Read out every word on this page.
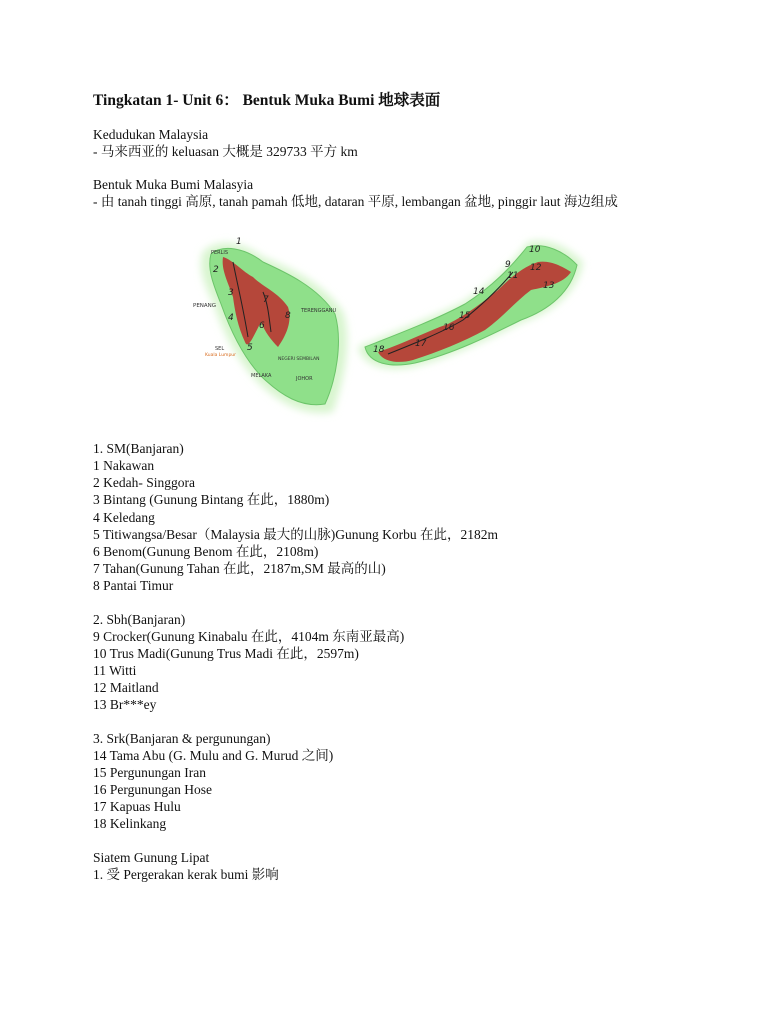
Tingkatan 1- Unit 6： Bentuk Muka Bumi 地球表面

Kedudukan Malaysia

- 马来西亚的 keluasan 大概是 329733 平方 km

Bentuk Muka Bumi Malasyia

- 由 tanah tinggi 高原, tanah pamah 低地, dataran 平原, lembangan 盆地, pinggir laut 海边组成

PERLIS
PENANG
TERENGGANU
SEL
Kuala Lumpur
NEGERI SEMBILAN
MELAKA	JOHOR
1
2
3
4
5
6
7
8
9
10
11
12
13
14
15
16
17
18

1. SM(Banjaran)

1 Nakawan
2 Kedah- Singgora
3 Bintang (Gunung Bintang 在此，1880m)
4 Keledang
5 Titiwangsa/Besar（Malaysia 最大的山脉)Gunung Korbu 在此，2182m
6 Benom(Gunung Benom 在此，2108m)
7 Tahan(Gunung Tahan 在此，2187m,SM 最高的山)
8 Pantai Timur

2. Sbh(Banjaran)

9 Crocker(Gunung Kinabalu 在此，4104m 东南亚最高)
10 Trus Madi(Gunung Trus Madi 在此，2597m)
11 Witti
12 Maitland
13 Br***ey

3. Srk(Banjaran & pergunungan)

14 Tama Abu (G. Mulu and G. Murud 之间)
15 Pergunungan Iran
16 Pergunungan Hose
17 Kapuas Hulu
18 Kelinkang

Siatem Gunung Lipat

1. 受 Pergerakan kerak bumi 影响
